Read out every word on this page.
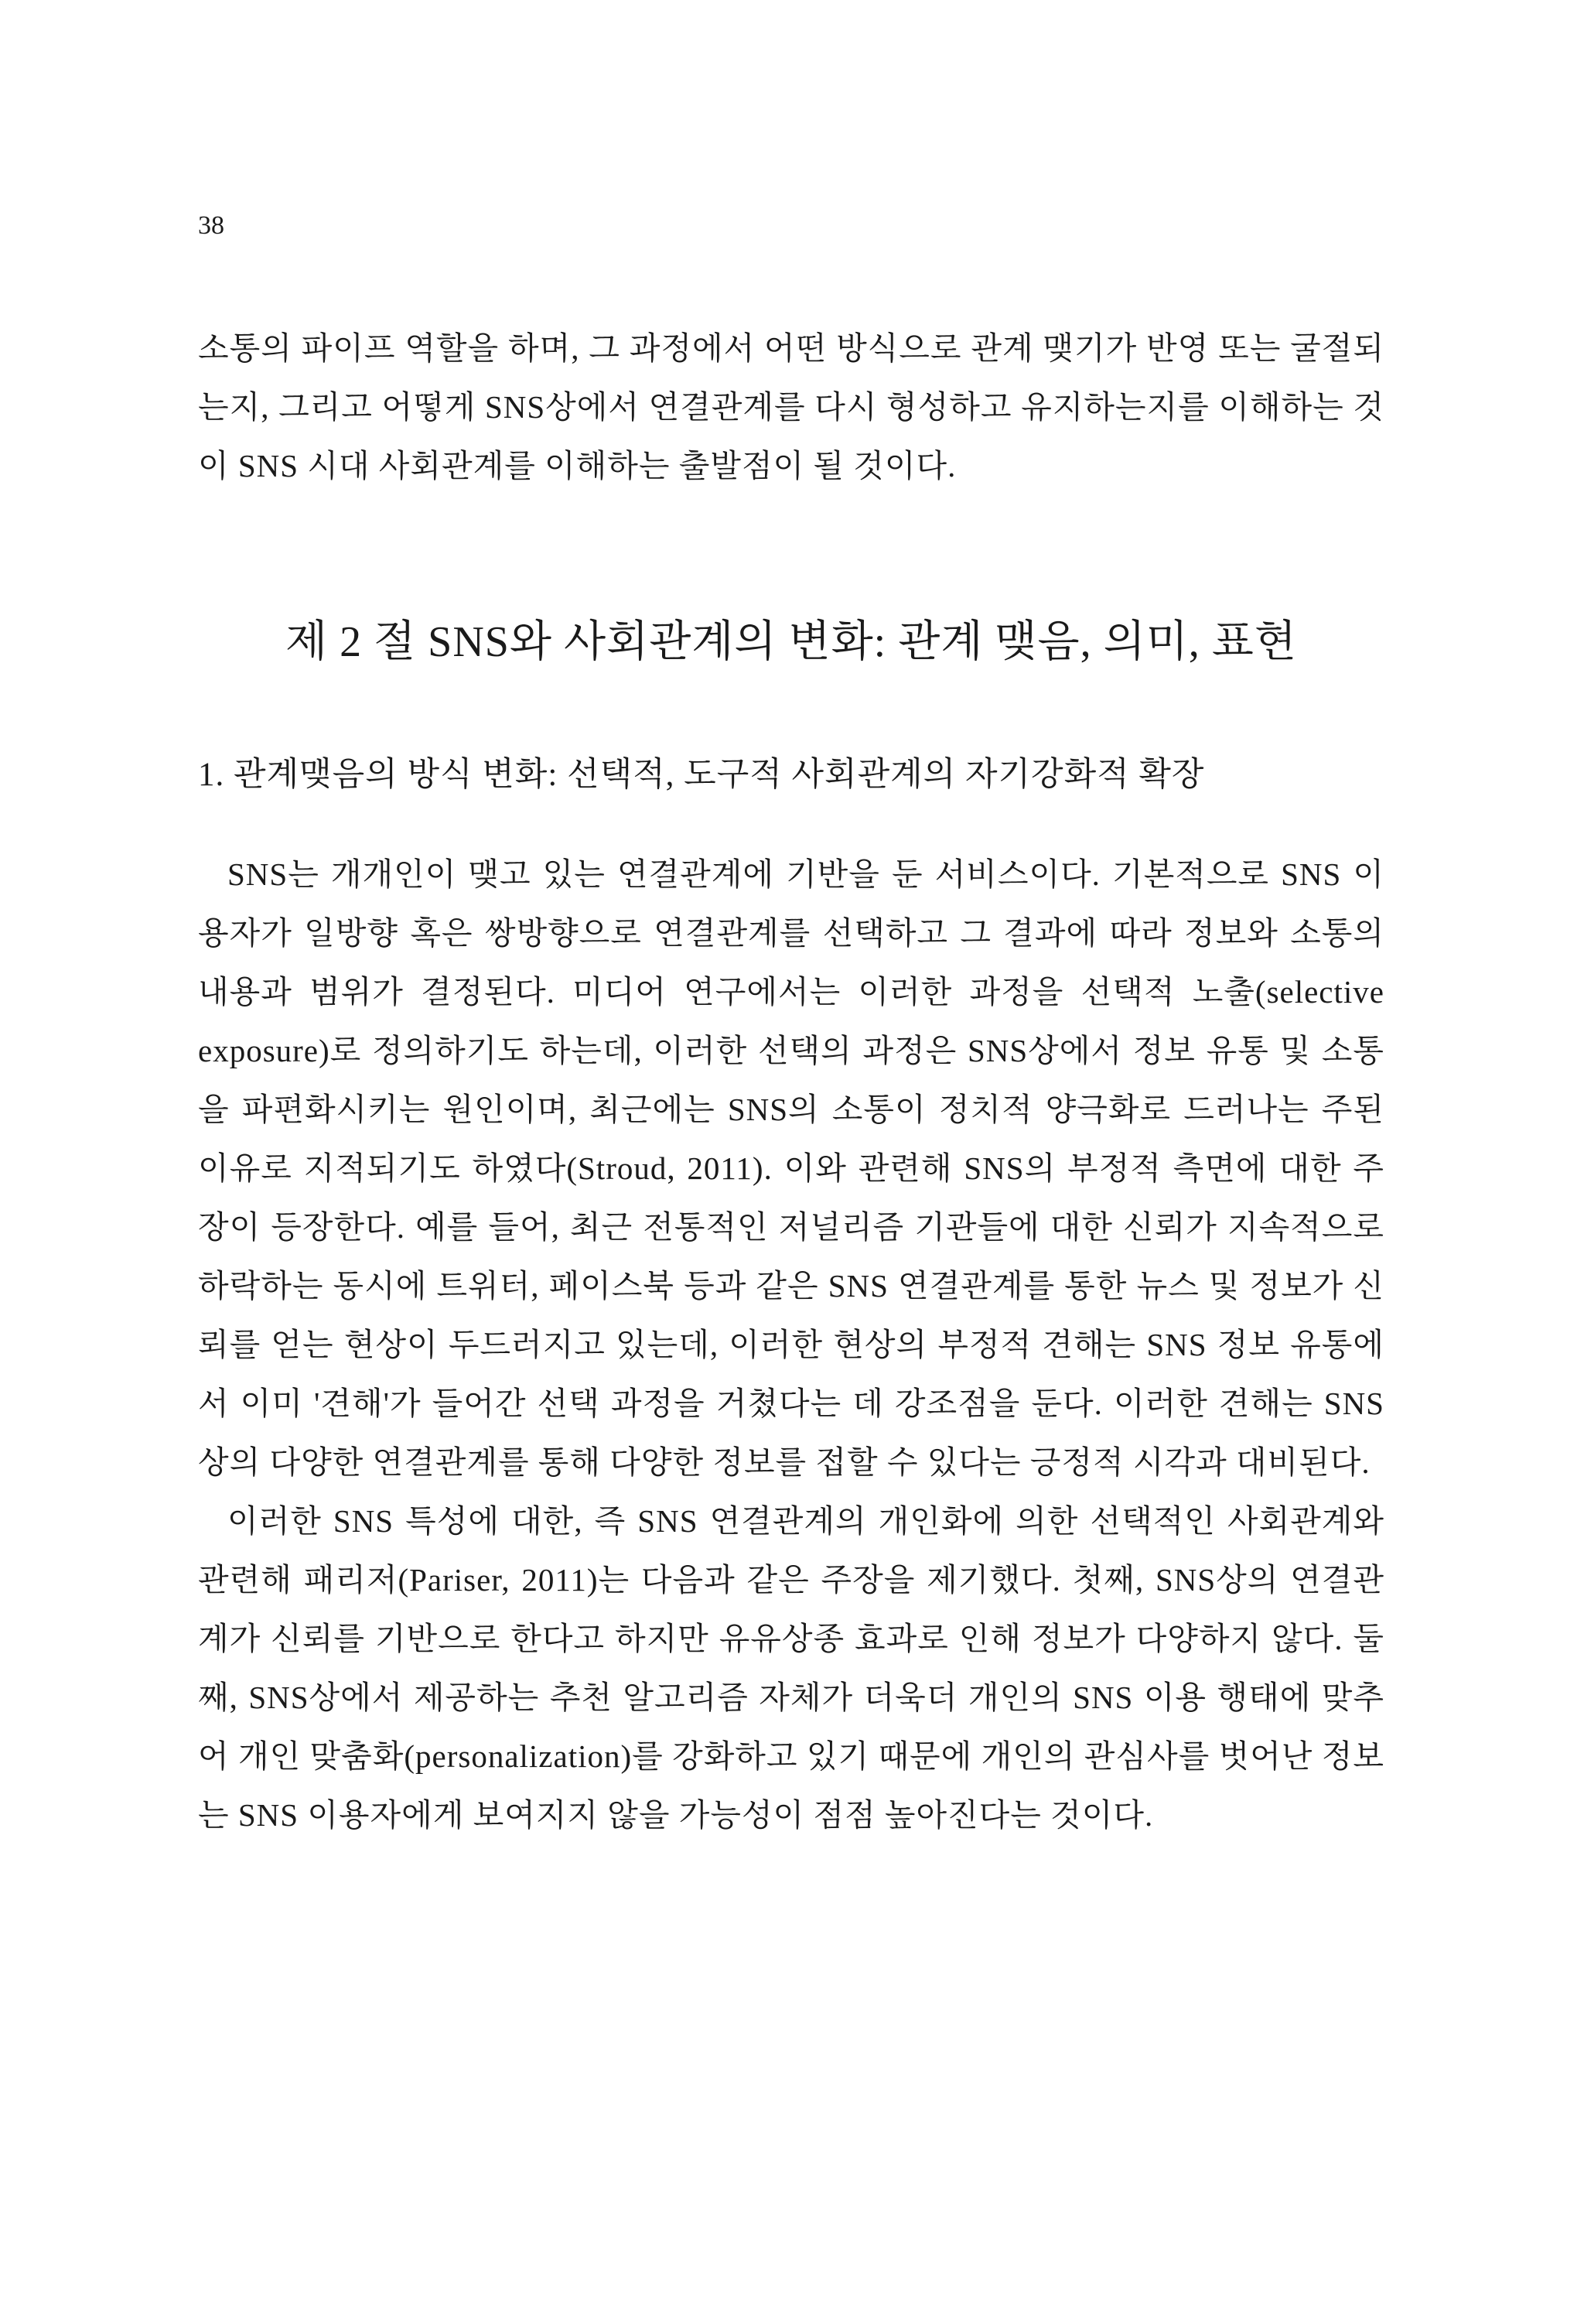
38
소통의 파이프 역할을 하며, 그 과정에서 어떤 방식으로 관계 맺기가 반영 또는 굴절되는지, 그리고 어떻게 SNS상에서 연결관계를 다시 형성하고 유지하는지를 이해하는 것이 SNS 시대 사회관계를 이해하는 출발점이 될 것이다.
제 2 절 SNS와 사회관계의 변화: 관계 맺음, 의미, 표현
1. 관계맺음의 방식 변화: 선택적, 도구적 사회관계의 자기강화적 확장

SNS는 개개인이 맺고 있는 연결관계에 기반을 둔 서비스이다. 기본적으로 SNS 이용자가 일방향 혹은 쌍방향으로 연결관계를 선택하고 그 결과에 따라 정보와 소통의 내용과 범위가 결정된다. 미디어 연구에서는 이러한 과정을 선택적 노출(selective exposure)로 정의하기도 하는데, 이러한 선택의 과정은 SNS상에서 정보 유통 및 소통을 파편화시키는 원인이며, 최근에는 SNS의 소통이 정치적 양극화로 드러나는 주된 이유로 지적되기도 하였다(Stroud, 2011). 이와 관련해 SNS의 부정적 측면에 대한 주장이 등장한다. 예를 들어, 최근 전통적인 저널리즘 기관들에 대한 신뢰가 지속적으로 하락하는 동시에 트위터, 페이스북 등과 같은 SNS 연결관계를 통한 뉴스 및 정보가 신뢰를 얻는 현상이 두드러지고 있는데, 이러한 현상의 부정적 견해는 SNS 정보 유통에서 이미 '견해'가 들어간 선택 과정을 거쳤다는 데 강조점을 둔다. 이러한 견해는 SNS 상의 다양한 연결관계를 통해 다양한 정보를 접할 수 있다는 긍정적 시각과 대비된다.

이러한 SNS 특성에 대한, 즉 SNS 연결관계의 개인화에 의한 선택적인 사회관계와 관련해 패리저(Pariser, 2011)는 다음과 같은 주장을 제기했다. 첫째, SNS상의 연결관계가 신뢰를 기반으로 한다고 하지만 유유상종 효과로 인해 정보가 다양하지 않다. 둘째, SNS상에서 제공하는 추천 알고리즘 자체가 더욱더 개인의 SNS 이용 행태에 맞추어 개인 맞춤화(personalization)를 강화하고 있기 때문에 개인의 관심사를 벗어난 정보는 SNS 이용자에게 보여지지 않을 가능성이 점점 높아진다는 것이다.
